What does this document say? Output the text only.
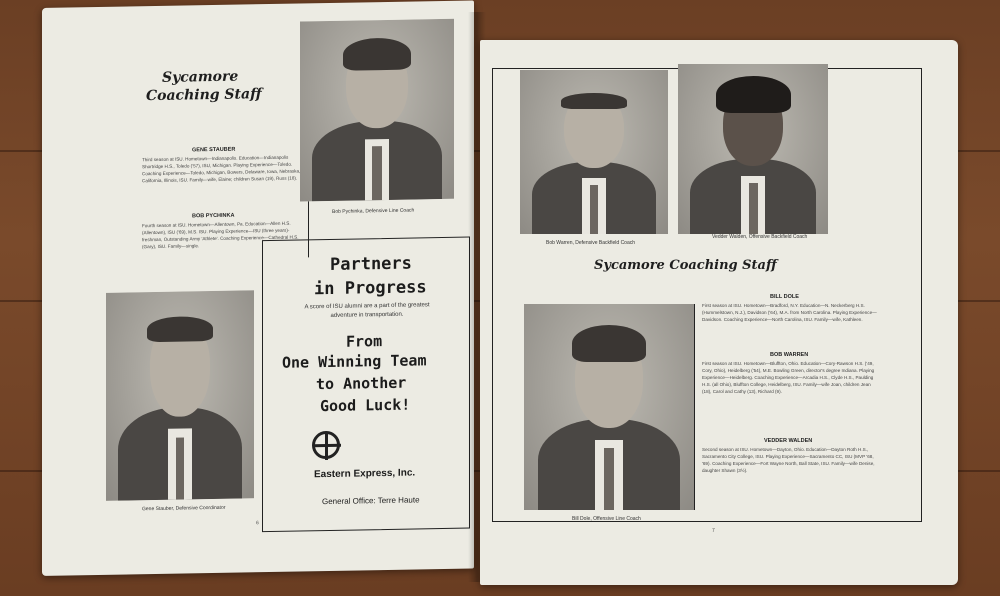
Sycamore
Coaching Staff
GENE STAUBER
Third season at ISU. Hometown—Indianapolis. Education—Indianapolis Shortridge H.S., Toledo ('57), ISU, Michigan. Playing Experience—Toledo. Coaching Experience—Toledo, Michigan, Bowers, Delaware, Iowa, Nebraska, California, Illinois, ISU. Family—wife, Elaine; children Susan (19), Russ (18).
BOB PYCHINKA
Fourth season at ISU. Hometown—Allentown, Pa. Education—Allen H.S. (Allentown), ISU ('69), M.S. ISU. Playing Experience—ISU (three years)-freshman, Outstanding Army 'Athlete'. Coaching Experience—Cathedral H.S. (Gary), ISU. Family—single.
Bob Pychinka, Defensive Line Coach
Gene Stauber, Defensive Coordinator
Partners
in Progress
A score of ISU alumni are a part of the greatest adventure in transportation.
From
One Winning Team
to Another
Good Luck!
Eastern Express, Inc.
General Office: Terre Haute
6
Bob Warren, Defensive Backfield Coach
Vedder Walden, Offensive Backfield Coach
Sycamore Coaching Staff
Bill Dole, Offensive Line Coach
BILL DOLE
First season at ISU. Hometown—Bradford, N.Y. Education—N. Neckerberg H.S. (Hummelstown, N.J.), Davidson ('64), M.A. from North Carolina. Playing Experience—Davidson. Coaching Experience—North Carolina, ISU. Family—wife, Kathleen.
BOB WARREN
First season at ISU. Hometown—Bluffton, Ohio. Education—Cory-Rawson H.S. ('49, Cory, Ohio), Heidelberg ('54), M.E. Bowling Green, director's degree Indiana. Playing Experience—Heidelberg. Coaching Experience—Arcadia H.S., Clyde H.S., Paulding H.S. (all Ohio), Bluffton College, Heidelberg, ISU. Family—wife Joan, children Jean (18), Carol and Cathy (13), Richard (9).
VEDDER WALDEN
Second season at ISU. Hometown—Dayton, Ohio. Education—Dayton Roth H.S., Sacramento City College, ISU. Playing Experience—Sacramento CC, ISU (MVP '68, '69). Coaching Experience—Fort Wayne North, Ball State, ISU. Family—wife Denise, daughter Shawn (3½).
7
